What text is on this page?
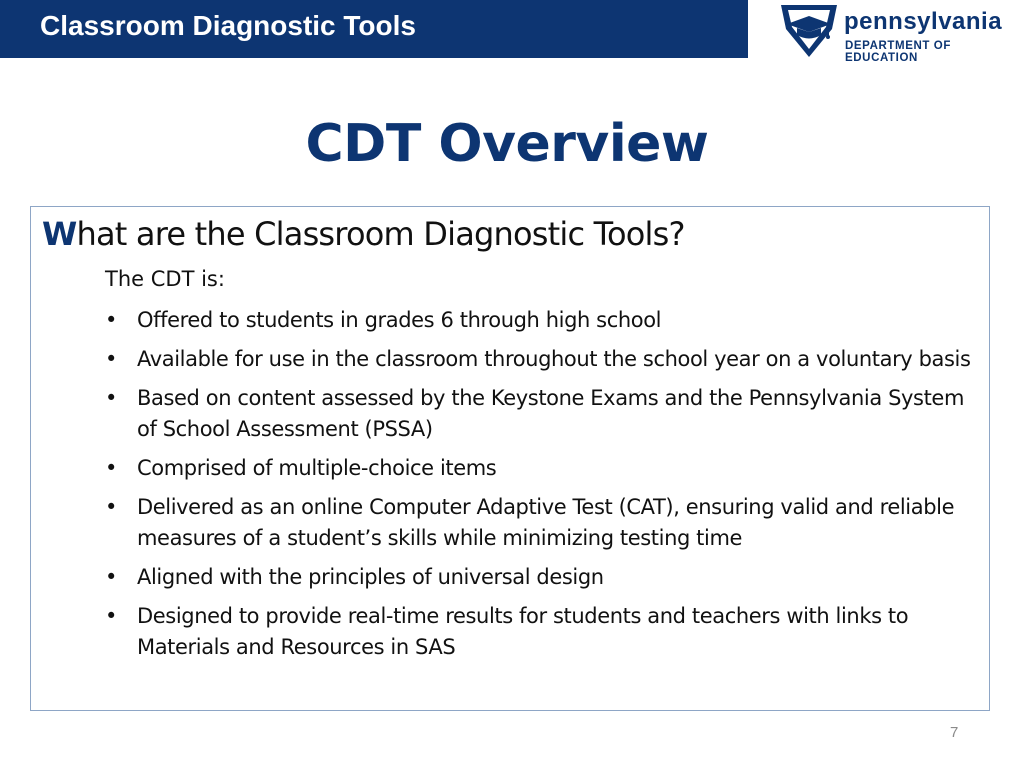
Classroom Diagnostic Tools	pennsylvania
DEPARTMENT OF EDUCATION
CDT Overview
What are the Classroom Diagnostic Tools?
The CDT is:
• Offered to students in grades 6 through high school
• Available for use in the classroom throughout the school year on a voluntary basis
• Based on content assessed by the Keystone Exams and the Pennsylvania System of School Assessment (PSSA)
• Comprised of multiple-choice items
• Delivered as an online Computer Adaptive Test (CAT), ensuring valid and reliable measures of a student’s skills while minimizing testing time
• Aligned with the principles of universal design
• Designed to provide real-time results for students and teachers with links to Materials and Resources in SAS
7
